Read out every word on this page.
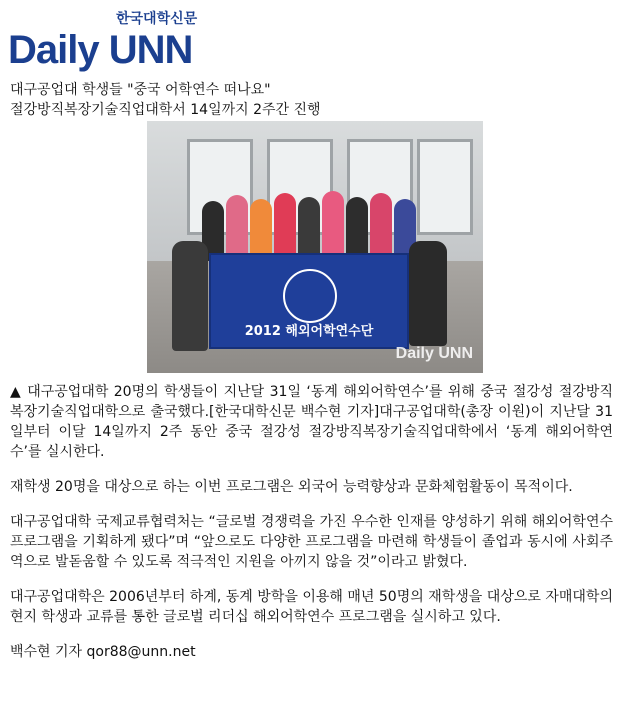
한국대학신문
Daily UNN
대구공업대 학생들 "중국 어학연수 떠나요"
절강방직복장기술직업대학서 14일까지 2주간 진행
2012 해외어학연수단
Daily UNN

▲ 대구공업대학 20명의 학생들이 지난달 31일 ‘동계 해외어학연수’를 위해 중국 절강성 절강방직복장기술직업대학으로 출국했다.[한국대학신문 백수현 기자]대구공업대학(총장 이원)이 지난달 31일부터 이달 14일까지 2주 동안 중국 절강성 절강방직복장기술직업대학에서 ‘동계 해외어학연수’를 실시한다.

재학생 20명을 대상으로 하는 이번 프로그램은 외국어 능력향상과 문화체험활동이 목적이다.

대구공업대학 국제교류협력처는 “글로벌 경쟁력을 가진 우수한 인재를 양성하기 위해 해외어학연수 프로그램을 기획하게 됐다”며 “앞으로도 다양한 프로그램을 마련해 학생들이 졸업과 동시에 사회주역으로 발돋움할 수 있도록 적극적인 지원을 아끼지 않을 것”이라고 밝혔다.

대구공업대학은 2006년부터 하계, 동계 방학을 이용해 매년 50명의 재학생을 대상으로 자매대학의 현지 학생과 교류를 통한 글로벌 리더십 해외어학연수 프로그램을 실시하고 있다.

백수현 기자 qor88@unn.net
